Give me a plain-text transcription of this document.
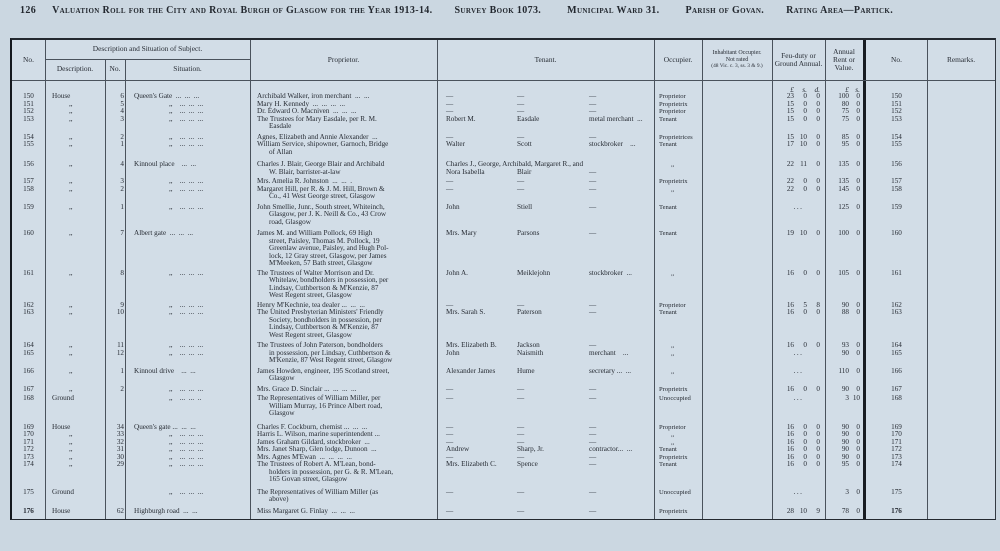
126 Valuation Roll for the City and Royal Burgh of Glasgow for the Year 1913-14. Survey Book 1073.	Municipal Ward 31.	Parish of Govan. Rating Area—Partick.
No.
Description and Situation of Subject.
Description.	No.	Situation.
Proprietor.	Tenant.	Occupier.
Inhabitant Occupier.
Not rated
(48 Vic. c. 3, ss. 3 & 9.)
Feu-duty or Ground Annual.
Annual Rent or Value.
No.	Remarks.
£	s.	d.	£ s.
150	House	6	Queen's Gate ... ... ...	Archibald Walker, iron merchant ... ...	—	—	—	Proprietor	23	0	0	100	0	150
151	,,	5	,,  ... ... ...	Mary H. Kennedy ... ... ... ...	—	—	—	Proprietrix	15	0	0	80	0	151
152	,,	4	,,  ... ... ...	Dr. Edward O. Macniven ... ... ...	—	—	—	Proprietor	15	0	0	75	0	152
153	,,	3	,,  ... ... ...	The Trustees for Mary Easdale, per R. M.
Easdale
Robert M.	Easdale	metal merchant ...	Tenant	15	0	0	75	0	153
154	,,	2	,,  ... ... ...	Agnes, Elizabeth and Annie Alexander ...	—	—	—	Proprietrices	15 10	0	85	0	154
155	,,	1	,,  ... ... ...	William Service, shipowner, Garnoch, Bridge
of Allan
Walter	Scott	stockbroker  ...	Tenant	17 10	0	95	0	155
156	,,	4	Kinnoul place  ... ...	Charles J. Blair, George Blair and Archibald
W. Blair, barrister-at-law
Charles J., George, Archibald, Margaret R., and
Nora Isabella	Blair	—
,,	22 11	0	135	0	156
157	,,	3	,,  ... ... ...	Mrs. Amelia R. Johnston ... ... .	—	—	—	Proprietrix	22	0	0	135	0	157
158	,,	2	,,  ... ... ...	Margaret Hill, per R. & J. M. Hill, Brown &
Co., 41 West George street, Glasgow
—	—	—	,,	22	0	0	145	0	158
159	,,	1	,,  ... ... ...	John Smellie, Junr., South street, Whiteinch,
Glasgow, per J. K. Neill & Co., 43 Crow
road, Glasgow
John	Stiell	—	Tenant	...	125	0	159
160	,,	7	Albert gate ... ... ...	James M. and William Pollock, 69 High
street, Paisley, Thomas M. Pollock, 19
Greenlaw avenue, Paisley, and Hugh Pol-
lock, 12 Gray street, Glasgow, per James
M'Meeken, 57 Bath street, Glasgow
Mrs. Mary	Parsons	—	Tenant	19 10	0	100	0	160
161	,,	8	,,  ... ... ...	The Trustees of Walter Morrison and Dr.
Whitelaw, bondholders in possession, per
Lindsay, Cuthbertson & M'Kenzie, 87
West Regent street, Glasgow
John A.	Meiklejohn	stockbroker ...	,,	16	0	0	105	0	161
162	,,	9	,,  ... ... ...	Henry M'Kechnie, tea dealer ... ... ...	—	—	—	Proprietor	16	5	8	90	0	162
163	,,	10	,,  ... ... ...	The United Presbyterian Ministers' Friendly
Society, bondholders in possession, per
Lindsay, Cuthbertson & M'Kenzie, 87
West Regent street, Glasgow
Mrs. Sarah S.	Paterson	—	Tenant	16	0	0	88	0	163
164	,,	11	,,  ... ... ...	The Trustees of John Paterson, bondholders	Mrs. Elizabeth B.	Jackson	—	,,	16	0	0	93	0	164
165	,,	12	,,  ... ... ...	in possession, per Lindsay, Cuthbertson &
M'Kenzie, 87 West Regent street, Glasgow
John	Naismith	merchant  ...	,,	...	90	0	165
166	,,	1	Kinnoul drive  ... ...	James Howden, engineer, 195 Scotland street,
Glasgow
Alexander James	Hume	secretary ... ...	,,	...	110	0	166
167	,,	2	,,  ... ... ...	Mrs. Grace D. Sinclair ... ... ... ...	—	—	—	Proprietrix	16	0	0	90	0	167
168	Ground	,,  ... ... ..	The Representatives of William Miller, per
William Murray, 16 Prince Albert road,
Glasgow
—	—	—	Unoccupied	...	3 10	168
169	House	34	Queen's gate ... ... ...	Charles F. Cockburn, chemist ... ... ...	—	—	—	Proprietor	16	0	0	90	0	169
170	,,	33	,,  ... ... ...	Harris L. Wilson, marine superintendent ...	—	—	—	,,	16	0	0	90	0	170
171	,,	32	,,  ... ... ...	James Graham Gildard, stockbroker ...	—	—	—	,,	16	0	0	90	0	171
172	,,	31	,,  ... ... ...	Mrs. Janet Sharp, Glen lodge, Dunoon ...	Andrew	Sharp, Jr.	contractor... ...	Tenant	16	0	0	90	0	172
173	,,	30	,,  ... ... ...	Mrs. Agnes M'Ewan ... ... ... ...	—	—	—	Proprietrix	16	0	0	90	0	173
174	,,	29	,,  ... ... ...	The Trustees of Robert A. M'Lean, bond-
holders in possession, per G. & R. M'Lean,
165 Govan street, Glasgow
Mrs. Elizabeth C.	Spence	—	Tenant	16	0	0	95	0	174
175	Ground	,,  ... ... ...	The Representatives of William Miller (as
above)
—	—	—	Unoccupied	...	3	0	175
176	House	62	Highburgh road ... ...	Miss Margaret G. Finlay ... ... ...	—	—	—	Proprietrix	28 10	9	78	0	176
